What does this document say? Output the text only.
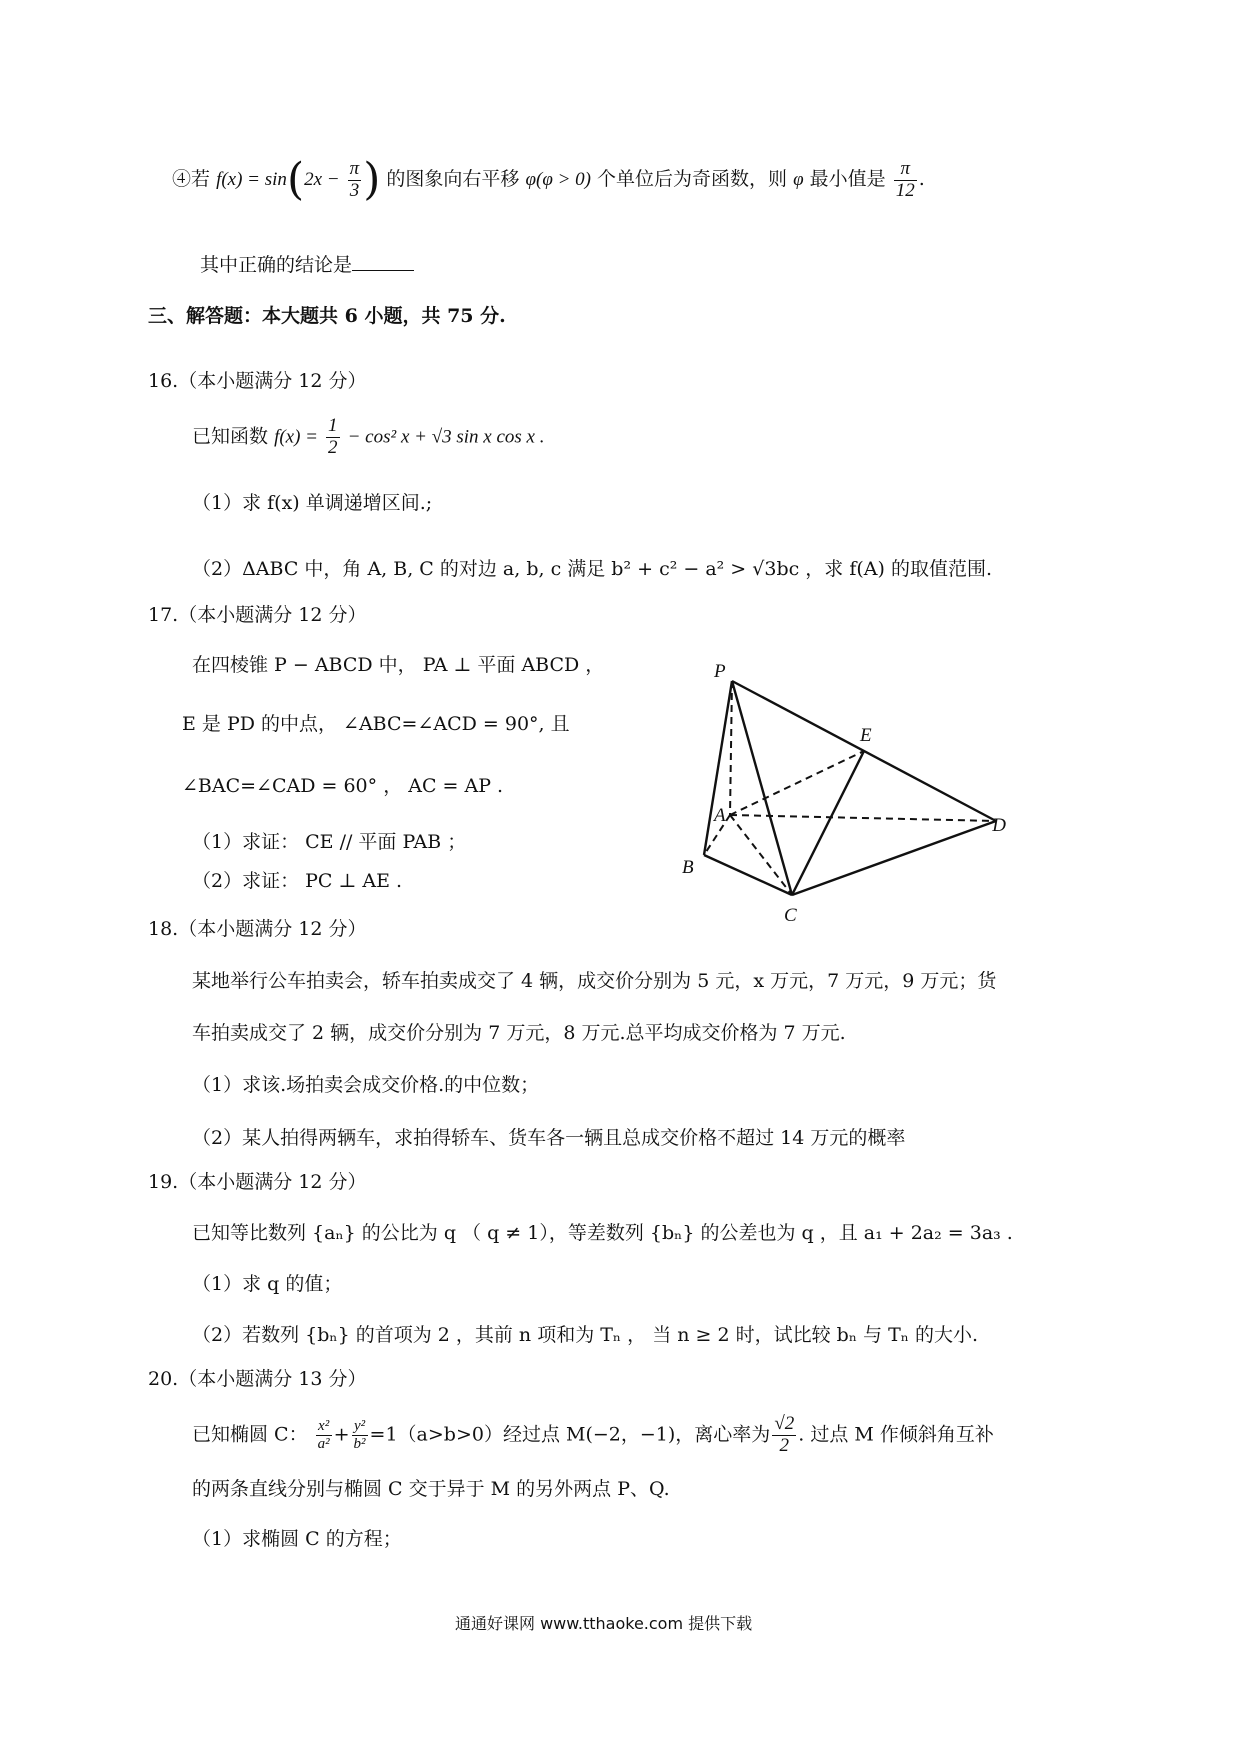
④若 $f(x) = \sin(2x - \frac{\pi}{3}$ ) 的图象向右平移 φ(φ > 0) 个单位后为奇函数，则 φ 最小值是 $\frac{\pi}{12}$ .
其中正确的结论是
三、解答题：本大题共 6 小题，共 75 分.
16.（本小题满分 12 分）
已知函数 $f(x) = \frac{1}{2} - \cos^2$ x + √3 sin x cos x .
（1）求 f(x) 单调递增区间.;
（2）ΔABC 中，角 A, B, C 的对边 a, b, c 满足 b² + c² − a² > √3bc ，求 f(A) 的取值范围.
17.（本小题满分 12 分）
在四棱锥 P − ABCD 中， PA ⊥ 平面 ABCD ，
E 是 PD 的中点， ∠ABC=∠ACD = 90°, 且
∠BAC=∠CAD = 60° ， AC = AP .
（1）求证： CE // 平面 PAB ；
（2）求证： PC ⊥ AE .
P
E
A	D
B
C
18.（本小题满分 12 分）
某地举行公车拍卖会，轿车拍卖成交了 4 辆，成交价分别为 5 元，x 万元，7 万元，9 万元；货
车拍卖成交了 2 辆，成交价分别为 7 万元，8 万元.总平均成交价格为 7 万元.
（1）求该.场拍卖会成交价格.的中位数；
（2）某人拍得两辆车，求拍得轿车、货车各一辆且总成交价格不超过 14 万元的概率
19.（本小题满分 12 分）
已知等比数列 {aₙ} 的公比为 q （ q ≠ 1），等差数列 {bₙ} 的公差也为 q ，且 a₁ + 2a₂ = 3a₃ .
（1）求 q 的值；
（2）若数列 {bₙ} 的首项为 2 ，其前 n 项和为 Tₙ ， 当 n ≥ 2 时，试比较 bₙ 与 Tₙ 的大小.
20.（本小题满分 13 分）
已知椭圆 C： $\frac{\text{x²}}{\text{a²}} + \frac{\text{y²}}{\text{b²}} =1(a>b>0)$经过点 M(−2，−1)，离心率为 $\frac{√2}{2}$ . 过点 M 作倾斜角互补
的两条直线分别与椭圆 C 交于异于 M 的另外两点 P、Q.
（1）求椭圆 C 的方程；
通通好课网 www.tthaoke.com 提供下载
